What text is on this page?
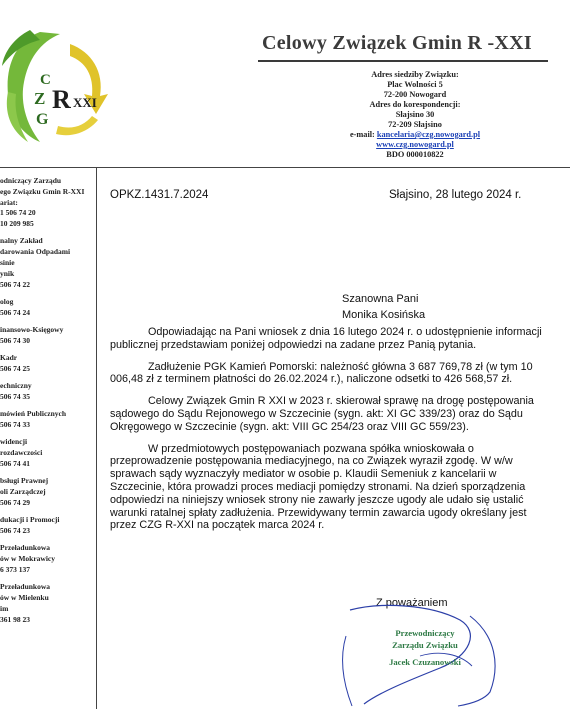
C
Z
G
R XXI
Celowy Związek Gmin R -XXI
Adres siedziby Związku:
Plac Wolności 5
72-200 Nowogard
Adres do korespondencji:
Słajsino 30
72-209 Słajsino
e-mail: kancelaria@czg.nowogard.pl
www.czg.nowogard.pl
BDO 000010822
odniczący Zarządu
ego Związku Gmin R-XXI
ariat:
1 506 74 20
10 209 985
nalny Zakład
darowania Odpadami
sinie
ynik
506 74 22
olog
506 74 24
inansowo-Księgowy
506 74 30
Kadr
506 74 25
echniczny
506 74 35
mówień Publicznych
506 74 33
widencji
rozdawczości
506 74 41
bsługi Prawnej
oli Zarządczej
506 74 29
dukacji i Promocji
506 74 23
Przeładunkowa
ów w Mokrawicy
6 373 137
Przeładunkowa
ów w Mielenku
im
361 98 23
OPKZ.1431.7.2024	Słajsino, 28 lutego 2024 r.
Szanowna Pani
Monika Kosińska

Odpowiadając na Pani wniosek z dnia 16 lutego 2024 r. o udostępnienie informacji publicznej przedstawiam poniżej odpowiedzi na zadane przez Panią pytania.

Zadłużenie PGK Kamień Pomorski: należność główna 3 687 769,78 zł (w tym 10 006,48 zł z terminem płatności do 26.02.2024 r.), naliczone odsetki to 426 568,57 zł.

Celowy Związek Gmin R XXI w 2023 r. skierował sprawę na drogę postępowania sądowego do Sądu Rejonowego w Szczecinie (sygn. akt: XI GC 339/23) oraz do Sądu Okręgowego w Szczecinie (sygn. akt: VIII GC 254/23 oraz VIII GC 559/23).

W przedmiotowych postępowaniach pozwana spółka wnioskowała o przeprowadzenie postępowania mediacyjnego, na co Związek wyraził zgodę. W w/w sprawach sądy wyznaczyły mediator w osobie p. Klaudii Semeniuk z kancelarii w Szczecinie, która prowadzi proces mediacji pomiędzy stronami. Na dzień sporządzenia odpowiedzi na niniejszy wniosek strony nie zawarły jeszcze ugody ale udało się ustalić warunki ratalnej spłaty zadłużenia. Przewidywany termin zawarcia ugody określany jest przez CZG R-XXI na początek marca 2024 r.

Z poważaniem
Przewodniczący
Zarządu Związku
Jacek Czuzanowski
